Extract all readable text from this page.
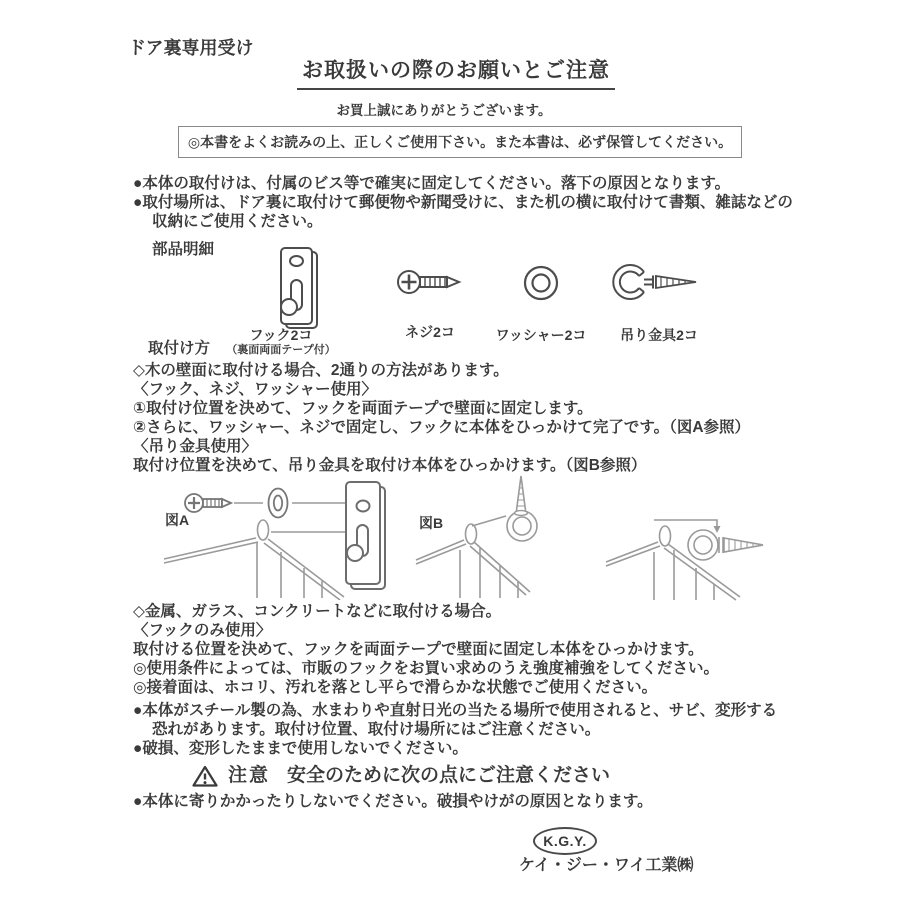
ドア裏専用受け
お取扱いの際のお願いとご注意
お買上誠にありがとうございます。
◎本書をよくお読みの上、正しくご使用下さい。また本書は、必ず保管してください。
●本体の取付けは、付属のビス等で確実に固定してください。落下の原因となります。
●取付場所は、ドア裏に取付けて郵便物や新聞受けに、また机の横に取付けて書類、雑誌などの
収納にご使用ください。
部品明細
フック2コ
（裏面両面テープ付）
ネジ2コ	ワッシャー2コ 吊り金具2コ
取付け方
◇木の壁面に取付ける場合、2通りの方法があります。
〈フック、ネジ、ワッシャー使用〉
①取付け位置を決めて、フックを両面テープで壁面に固定します。
②さらに、ワッシャー、ネジで固定し、フックに本体をひっかけて完了です。（図A参照）
〈吊り金具使用〉
取付け位置を決めて、吊り金具を取付け本体をひっかけます。（図B参照）
図A	図B
◇金属、ガラス、コンクリートなどに取付ける場合。
〈フックのみ使用〉
取付ける位置を決めて、フックを両面テープで壁面に固定し本体をひっかけます。
◎使用条件によっては、市販のフックをお買い求めのうえ強度補強をしてください。
◎接着面は、ホコリ、汚れを落とし平らで滑らかな状態でご使用ください。
●本体がスチール製の為、水まわりや直射日光の当たる場所で使用されると、サビ、変形する
恐れがあります。取付け位置、取付け場所にはご注意ください。
●破損、変形したままで使用しないでください。
注意 安全のために次の点にご注意ください
●本体に寄りかかったりしないでください。破損やけがの原因となります。
K.G.Y.
ケイ・ジー・ワイ工業㈱
